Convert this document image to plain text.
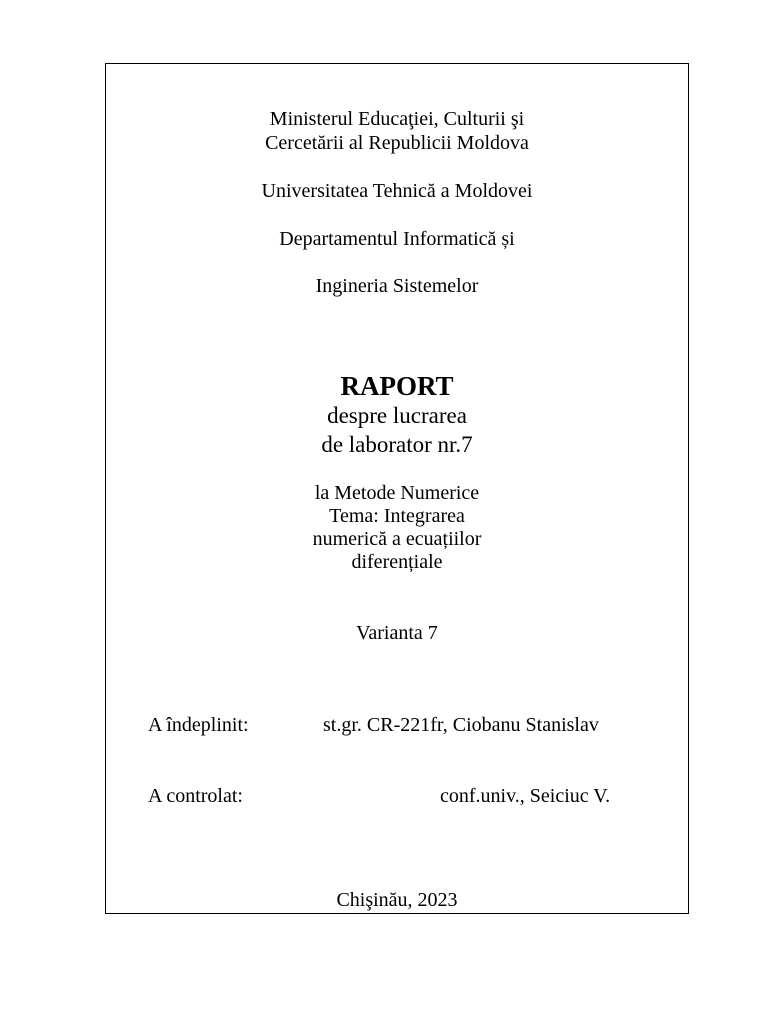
Ministerul Educaţiei, Culturii şi
Cercetării al Republicii Moldova
Universitatea Tehnică a Moldovei
Departamentul Informatică și
Ingineria Sistemelor
RAPORT
despre lucrarea
de laborator nr.7
la Metode Numerice
Tema: Integrarea
numerică a ecuațiilor
diferențiale
Varianta 7
A îndeplinit:	st.gr. CR-221fr, Ciobanu Stanislav
A controlat:	conf.univ., Seiciuc V.
Chişinău, 2023
